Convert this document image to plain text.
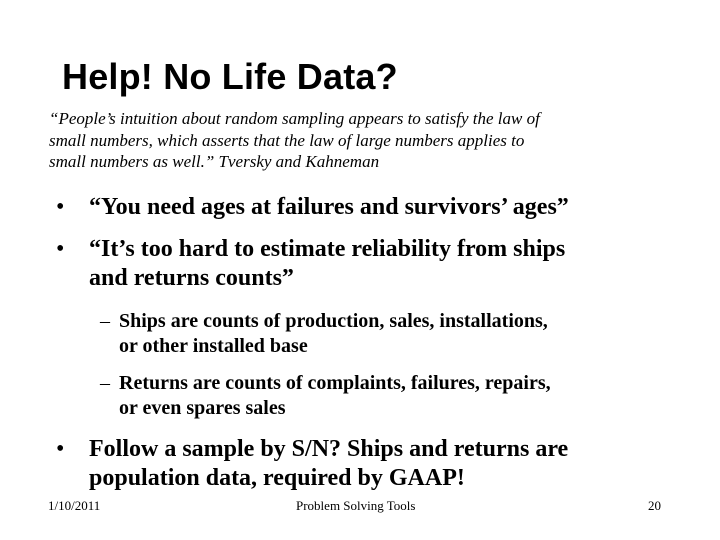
Help! No Life Data?
“People’s intuition about random sampling appears to satisfy the law of
small numbers, which asserts that the law of large numbers applies to
small numbers as well.” Tversky and Kahneman
• “You need ages at failures and survivors’ ages”
• “It’s too hard to estimate reliability from ships
and returns counts”
– Ships are counts of production, sales, installations,
or other installed base
– Returns are counts of complaints, failures, repairs,
or even spares sales
• Follow a sample by S/N? Ships and returns are
population data, required by GAAP!
1/10/2011	Problem Solving Tools	20
